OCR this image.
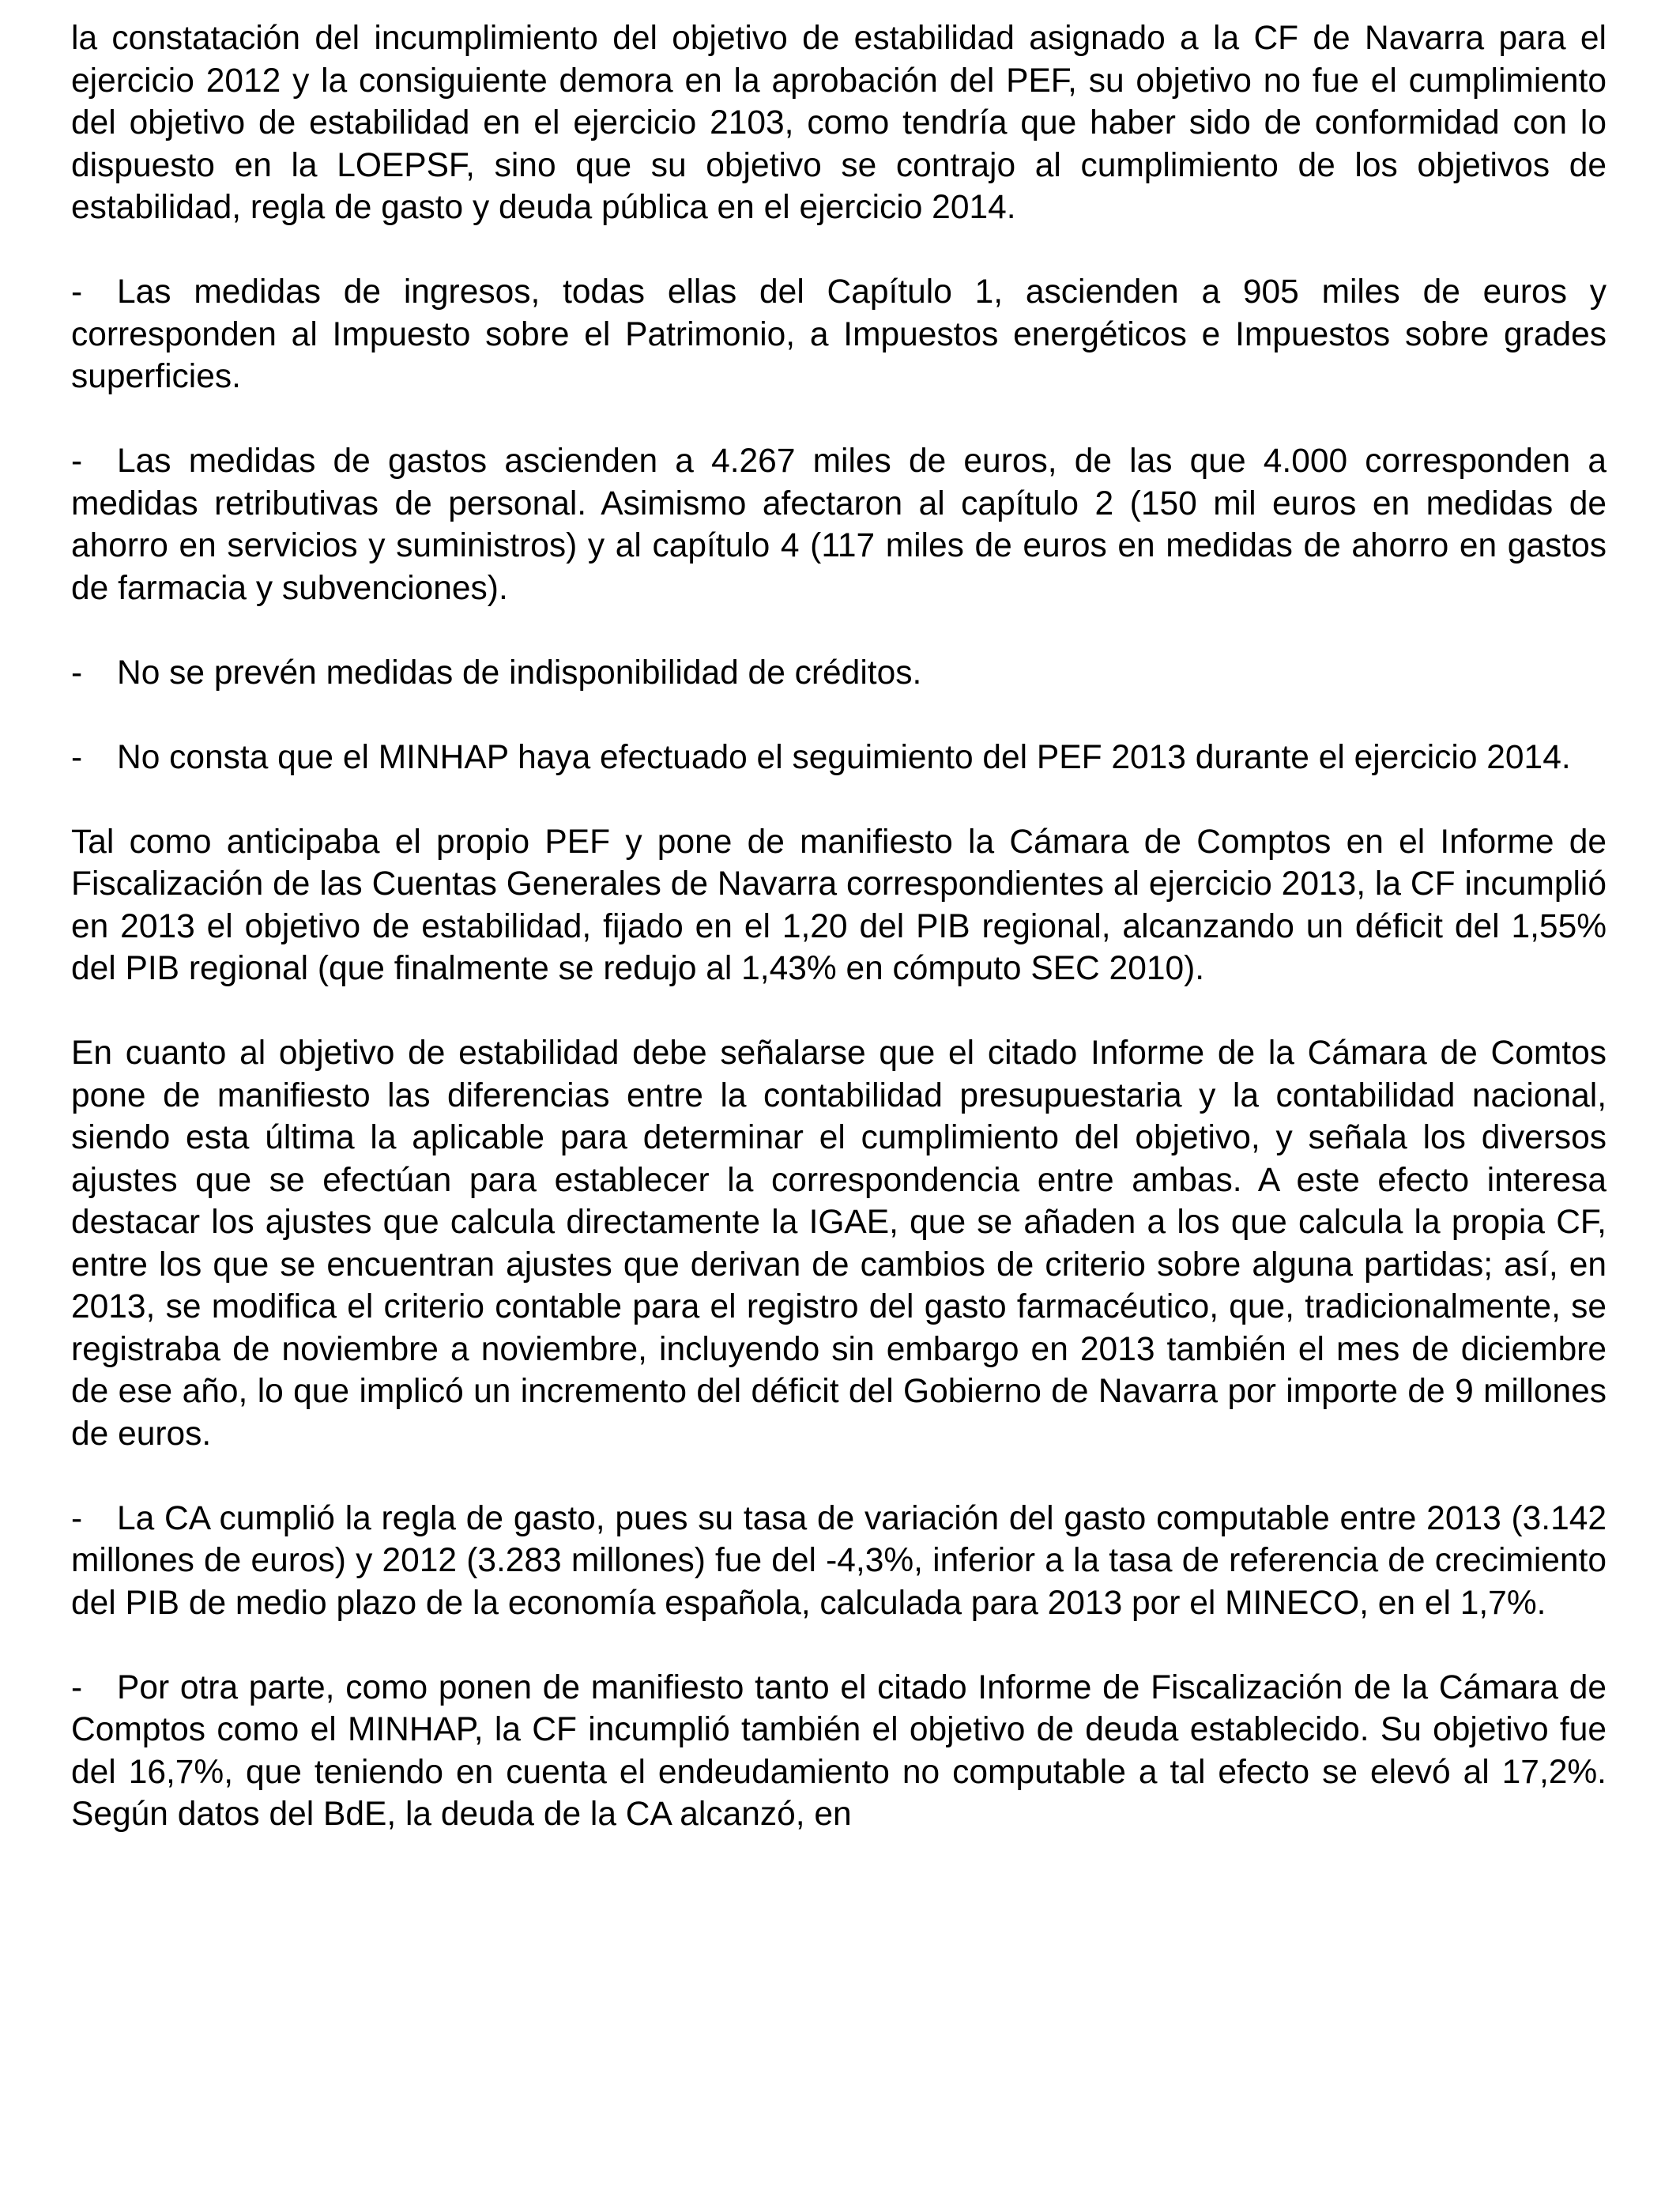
la constatación del incumplimiento del objetivo de estabilidad asignado a la CF de Navarra para el ejercicio 2012 y la consiguiente demora en la aprobación del PEF, su objetivo no fue el cumplimiento del objetivo de estabilidad en el ejercicio 2103, como tendría que haber sido de conformidad con lo dispuesto en la LOEPSF, sino que su objetivo se contrajo al cumplimiento de los objetivos de estabilidad, regla de gasto y deuda pública en el ejercicio 2014.

- Las medidas de ingresos, todas ellas del Capítulo 1, ascienden a 905 miles de euros y corresponden al Impuesto sobre el Patrimonio, a Impuestos energéticos e Impuestos sobre grades superficies.

- Las medidas de gastos ascienden a 4.267 miles de euros, de las que 4.000 corresponden a medidas retributivas de personal. Asimismo afectaron al capítulo 2 (150 mil euros en medidas de ahorro en servicios y suministros) y al capítulo 4 (117 miles de euros en medidas de ahorro en gastos de farmacia y subvenciones).

- No se prevén medidas de indisponibilidad de créditos.

- No consta que el MINHAP haya efectuado el seguimiento del PEF 2013 durante el ejercicio 2014.

Tal como anticipaba el propio PEF y pone de manifiesto la Cámara de Comptos en el Informe de Fiscalización de las Cuentas Generales de Navarra correspondientes al ejercicio 2013, la CF incumplió en 2013 el objetivo de estabilidad, fijado en el 1,20 del PIB regional, alcanzando un déficit del 1,55% del PIB regional (que finalmente se redujo al 1,43% en cómputo SEC 2010).

En cuanto al objetivo de estabilidad debe señalarse que el citado Informe de la Cámara de Comtos pone de manifiesto las diferencias entre la contabilidad presupuestaria y la contabilidad nacional, siendo esta última la aplicable para determinar el cumplimiento del objetivo, y señala los diversos ajustes que se efectúan para establecer la correspondencia entre ambas. A este efecto interesa destacar los ajustes que calcula directamente la IGAE, que se añaden a los que calcula la propia CF, entre los que se encuentran ajustes que derivan de cambios de criterio sobre alguna partidas; así, en 2013, se modifica el criterio contable para el registro del gasto farmacéutico, que, tradicionalmente, se registraba de noviembre a noviembre, incluyendo sin embargo en 2013 también el mes de diciembre de ese año, lo que implicó un incremento del déficit del Gobierno de Navarra por importe de 9 millones de euros.

- La CA cumplió la regla de gasto, pues su tasa de variación del gasto computable entre 2013 (3.142 millones de euros) y 2012 (3.283 millones) fue del -4,3%, inferior a la tasa de referencia de crecimiento del PIB de medio plazo de la economía española, calculada para 2013 por el MINECO, en el 1,7%.

- Por otra parte, como ponen de manifiesto tanto el citado Informe de Fiscalización de la Cámara de Comptos como el MINHAP, la CF incumplió también el objetivo de deuda establecido. Su objetivo fue del 16,7%, que teniendo en cuenta el endeudamiento no computable a tal efecto se elevó al 17,2%. Según datos del BdE, la deuda de la CA alcanzó, en
